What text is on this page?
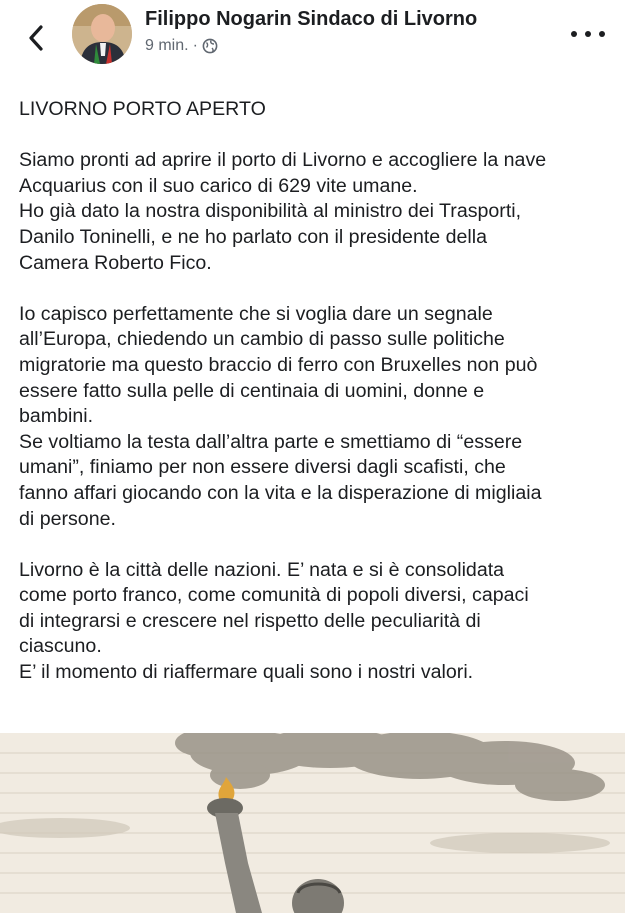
Filippo Nogarin Sindaco di Livorno
9 min. ·

LIVORNO PORTO APERTO

Siamo pronti ad aprire il porto di Livorno e accogliere la nave
Acquarius con il suo carico di 629 vite umane.
Ho già dato la nostra disponibilità al ministro dei Trasporti,
Danilo Toninelli, e ne ho parlato con il presidente della
Camera Roberto Fico.

Io capisco perfettamente che si voglia dare un segnale
all’Europa, chiedendo un cambio di passo sulle politiche
migratorie ma questo braccio di ferro con Bruxelles non può
essere fatto sulla pelle di centinaia di uomini, donne e
bambini.
Se voltiamo la testa dall’altra parte e smettiamo di “essere
umani”, finiamo per non essere diversi dagli scafisti, che
fanno affari giocando con la vita e la disperazione di migliaia
di persone.

Livorno è la città delle nazioni. E’ nata e si è consolidata
come porto franco, come comunità di popoli diversi, capaci
di integrarsi e crescere nel rispetto delle peculiarità di
ciascuno.
E’ il momento di riaffermare quali sono i nostri valori.
